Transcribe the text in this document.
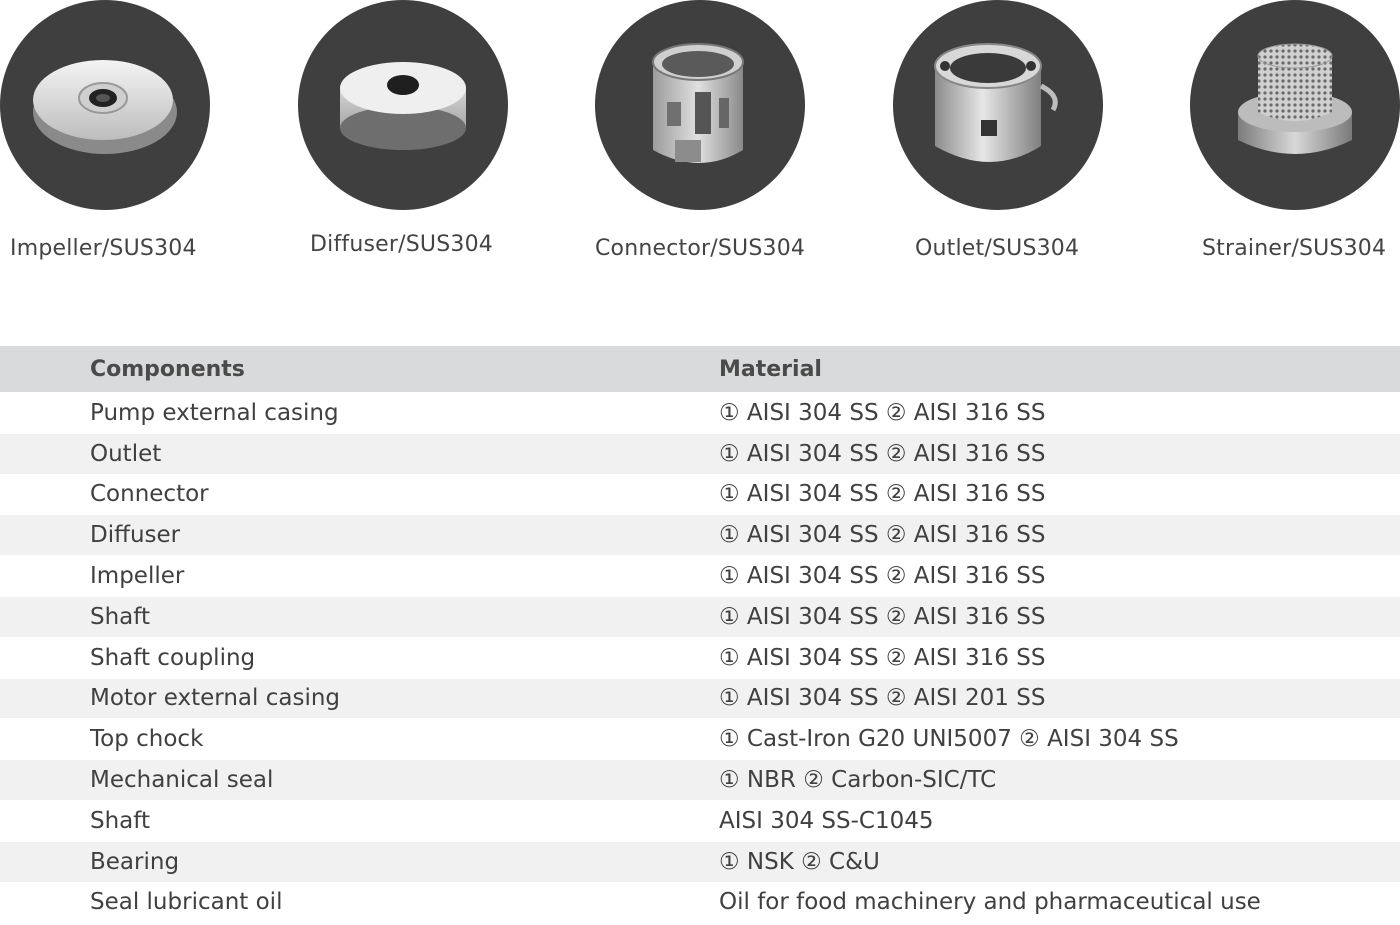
Impeller/SUS304	Diffuser/SUS304	Connector/SUS304	Outlet/SUS304	Strainer/SUS304
Components	Material
Pump external casing	① AISI 304 SS ② AISI 316 SS
Outlet	① AISI 304 SS ② AISI 316 SS
Connector	① AISI 304 SS ② AISI 316 SS
Diffuser	① AISI 304 SS ② AISI 316 SS
Impeller	① AISI 304 SS ② AISI 316 SS
Shaft	① AISI 304 SS ② AISI 316 SS
Shaft coupling	① AISI 304 SS ② AISI 316 SS
Motor external casing	① AISI 304 SS ② AISI 201 SS
Top chock	① Cast-Iron G20 UNI5007 ② AISI 304 SS
Mechanical seal	① NBR ② Carbon-SIC/TC
Shaft	AISI 304 SS-C1045
Bearing	① NSK ② C&U
Seal lubricant oil	Oil for food machinery and pharmaceutical use
